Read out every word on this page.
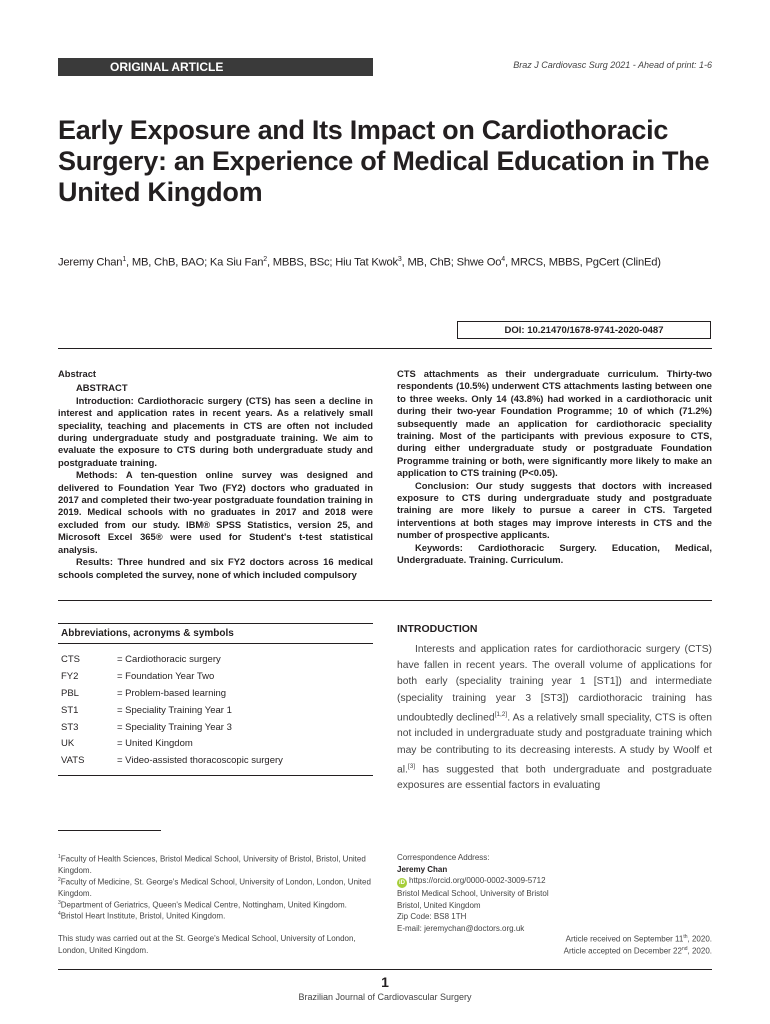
ORIGINAL ARTICLE	Braz J Cardiovasc Surg 2021 - Ahead of print: 1-6
Early Exposure and Its Impact on Cardiothoracic Surgery: an Experience of Medical Education in The United Kingdom
Jeremy Chan$^1$, MB, ChB, BAO; Ka Siu Fan$^2$, MBBS, BSc; Hiu Tat Kwok$^3$, MB, ChB; Shwe Oo$^4$, MRCS, MBBS, PgCert (ClinEd)
DOI: 10.21470/1678-9741-2020-0487

Abstract

ABSTRACT

Introduction: Cardiothoracic surgery (CTS) has seen a decline in interest and application rates in recent years. As a relatively small speciality, teaching and placements in CTS are often not included during undergraduate study and postgraduate training. We aim to evaluate the exposure to CTS during both undergraduate study and postgraduate training.

Methods: A ten-question online survey was designed and delivered to Foundation Year Two (FY2) doctors who graduated in 2017 and completed their two-year postgraduate foundation training in 2019. Medical schools with no graduates in 2017 and 2018 were excluded from our study. IBM® SPSS Statistics, version 25, and Microsoft Excel 365® were used for Student's t-test statistical analysis.

Results: Three hundred and six FY2 doctors across 16 medical schools completed the survey, none of which included compulsory

CTS attachments as their undergraduate curriculum. Thirty-two respondents (10.5%) underwent CTS attachments lasting between one to three weeks. Only 14 (43.8%) had worked in a cardiothoracic unit during their two-year Foundation Programme; 10 of which (71.2%) subsequently made an application for cardiothoracic speciality training. Most of the participants with previous exposure to CTS, during either undergraduate study or postgraduate Foundation Programme training or both, were significantly more likely to make an application to CTS training (P<0.05).

Conclusion: Our study suggests that doctors with increased exposure to CTS during undergraduate study and postgraduate training are more likely to pursue a career in CTS. Targeted interventions at both stages may improve interests in CTS and the number of prospective applicants.

Keywords: Cardiothoracic Surgery. Education, Medical, Undergraduate. Training. Curriculum.

Abbreviations, acronyms & symbols
CTS	= Cardiothoracic surgery
FY2	= Foundation Year Two
PBL	= Problem-based learning
ST1	= Speciality Training Year 1
ST3	= Speciality Training Year 3
UK	= United Kingdom
VATS	= Video-assisted thoracoscopic surgery
INTRODUCTION

Interests and application rates for cardiothoracic surgery (CTS) have fallen in recent years. The overall volume of applications for both early (speciality training year 1 [ST1]) and intermediate (speciality training year 3 [ST3]) cardiothoracic training has undoubtedly declined[1,2]. As a relatively small speciality, CTS is often not included in undergraduate study and postgraduate training which may be contributing to its decreasing interests. A study by Woolf et al.[3] has suggested that both undergraduate and postgraduate exposures are essential factors in evaluating

$^1$Faculty of Health Sciences, Bristol Medical School, University of Bristol, Bristol, United Kingdom.
$^2$Faculty of Medicine, St. George's Medical School, University of London, London, United Kingdom.
$^3$Department of Geriatrics, Queen's Medical Centre, Nottingham, United Kingdom.
$^4$Bristol Heart Institute, Bristol, United Kingdom.
This study was carried out at the St. George's Medical School, University of London, London, United Kingdom.
Correspondence Address:
Jeremy Chan
iD https://orcid.org/0000-0002-3009-5712
Bristol Medical School, University of Bristol
Bristol, United Kingdom
Zip Code: BS8 1TH
E-mail: jeremychan@doctors.org.uk
Article received on September 11th, 2020.
Article accepted on December 22nd, 2020.
1
Brazilian Journal of Cardiovascular Surgery
